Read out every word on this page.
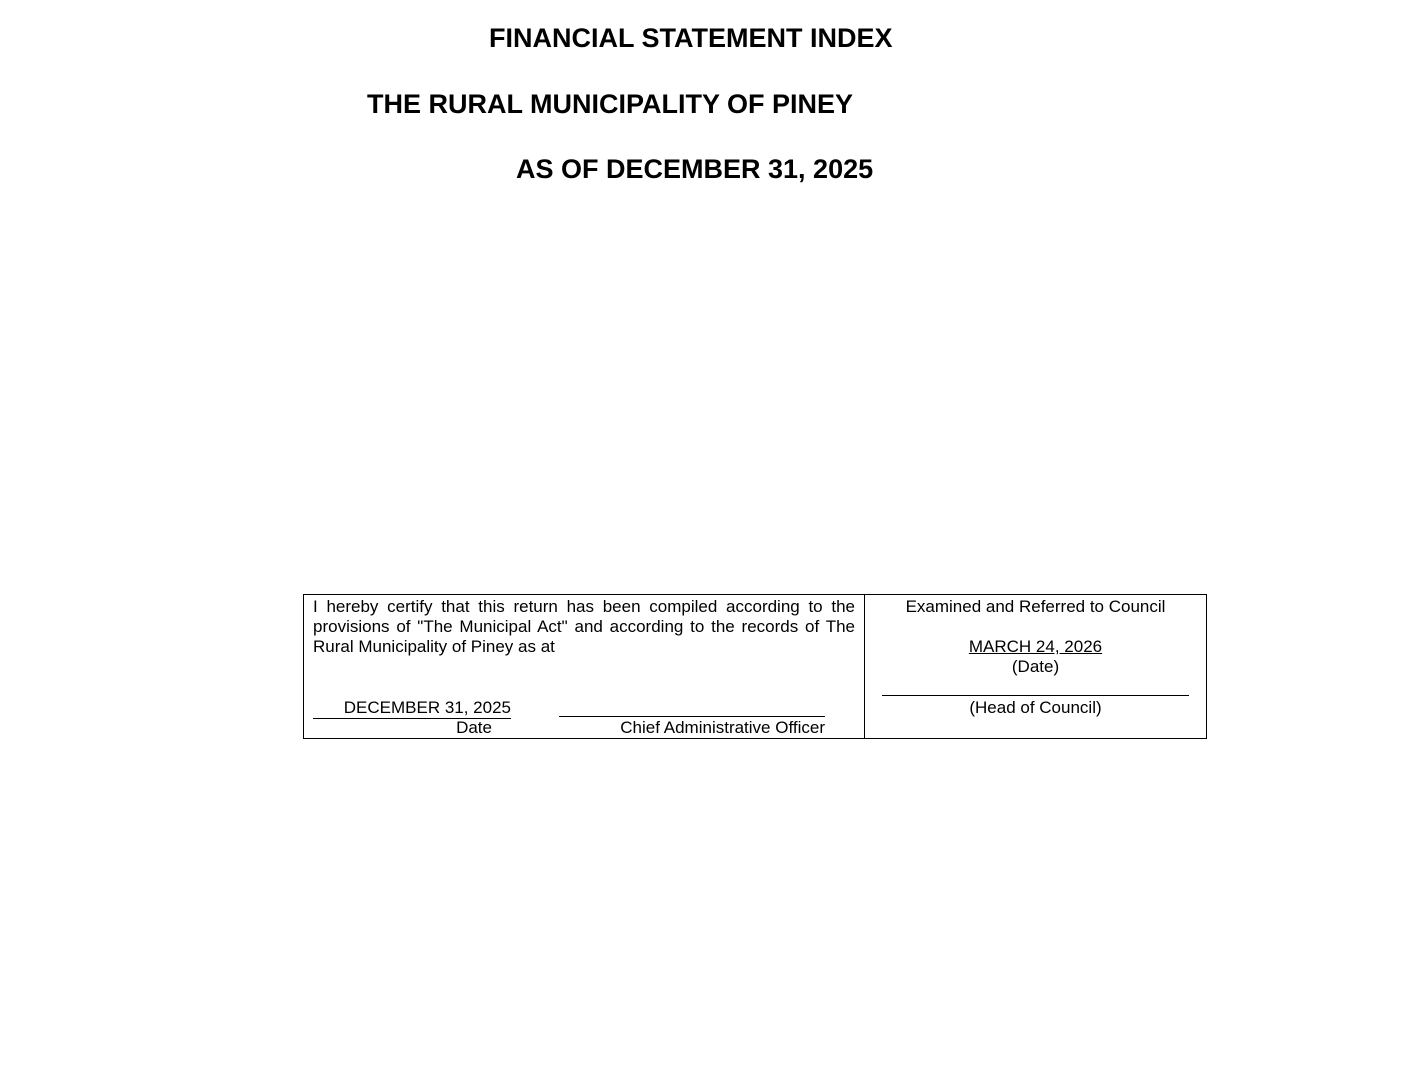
FINANCIAL STATEMENT INDEX
THE RURAL MUNICIPALITY OF PINEY
AS OF DECEMBER 31, 2025

I hereby certify that this return has been compiled according to the provisions of "The Municipal Act" and according to the records of The Rural Municipality of Piney as at

DECEMBER 31, 2025
Date	Chief Administrative Officer
Examined and Referred to Council
MARCH 24, 2026
(Date)
(Head of Council)
